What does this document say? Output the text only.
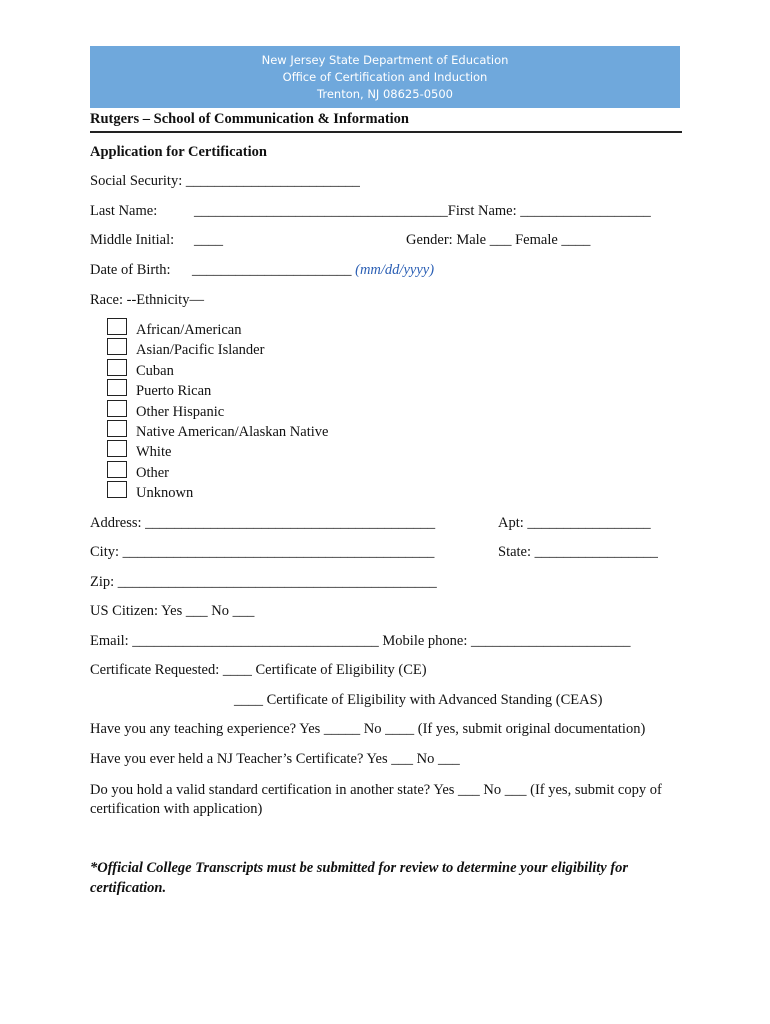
New Jersey State Department of Education
Office of Certification and Induction
Trenton, NJ 08625-0500
Rutgers – School of Communication & Information
Application for Certification
Social Security: ________________________
Last Name:	___________________________________First Name: __________________
Middle Initial: ____	Gender: Male ___ Female ____
Date of Birth: ______________________ (mm/dd/yyyy)
Race: --Ethnicity—
African/American
Asian/Pacific Islander
Cuban
Puerto Rican
Other Hispanic
Native American/Alaskan Native
White
Other
Unknown
Address: ________________________________________	Apt: _________________
City: ___________________________________________	State: _________________
Zip: ____________________________________________
US Citizen: Yes ___ No ___
Email: __________________________________ Mobile phone: ______________________
Certificate Requested: ____ Certificate of Eligibility (CE)
____ Certificate of Eligibility with Advanced Standing (CEAS)
Have you any teaching experience? Yes _____ No ____ (If yes, submit original documentation)
Have you ever held a NJ Teacher’s Certificate? Yes ___ No ___
Do you hold a valid standard certification in another state? Yes ___ No ___ (If yes, submit copy of certification with application)
*Official College Transcripts must be submitted for review to determine your eligibility for certification.
